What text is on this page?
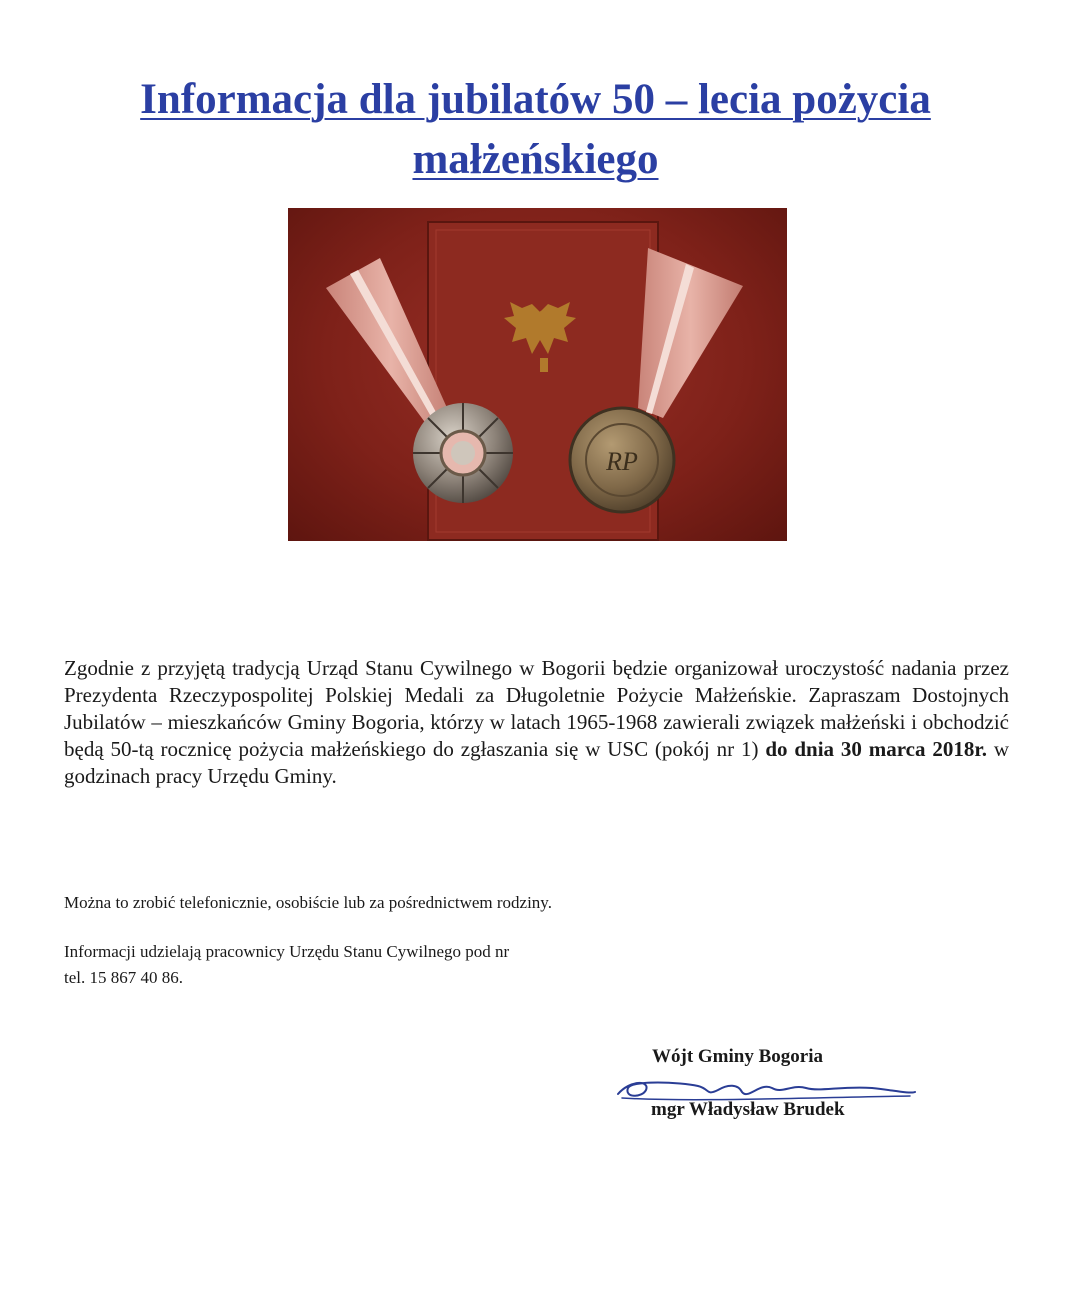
Informacja dla jubilatów 50 – lecia pożycia małżeńskiego
RP

Zgodnie z przyjętą tradycją Urząd Stanu Cywilnego w Bogorii będzie organizował uroczystość nadania przez Prezydenta Rzeczypospolitej Polskiej Medali za Długoletnie Pożycie Małżeńskie. Zapraszam Dostojnych Jubilatów – mieszkańców Gminy Bogoria, którzy w latach 1965-1968 zawierali związek małżeński i obchodzić będą 50-tą rocznicę pożycia małżeńskiego do zgłaszania się w USC (pokój nr 1) do dnia 30 marca 2018r. w godzinach pracy Urzędu Gminy.

Można to zrobić telefonicznie, osobiście lub za pośrednictwem rodziny.

Informacji udzielają pracownicy Urzędu Stanu Cywilnego pod nr
tel. 15 867 40 86.

Wójt Gminy Bogoria

mgr Władysław Brudek
